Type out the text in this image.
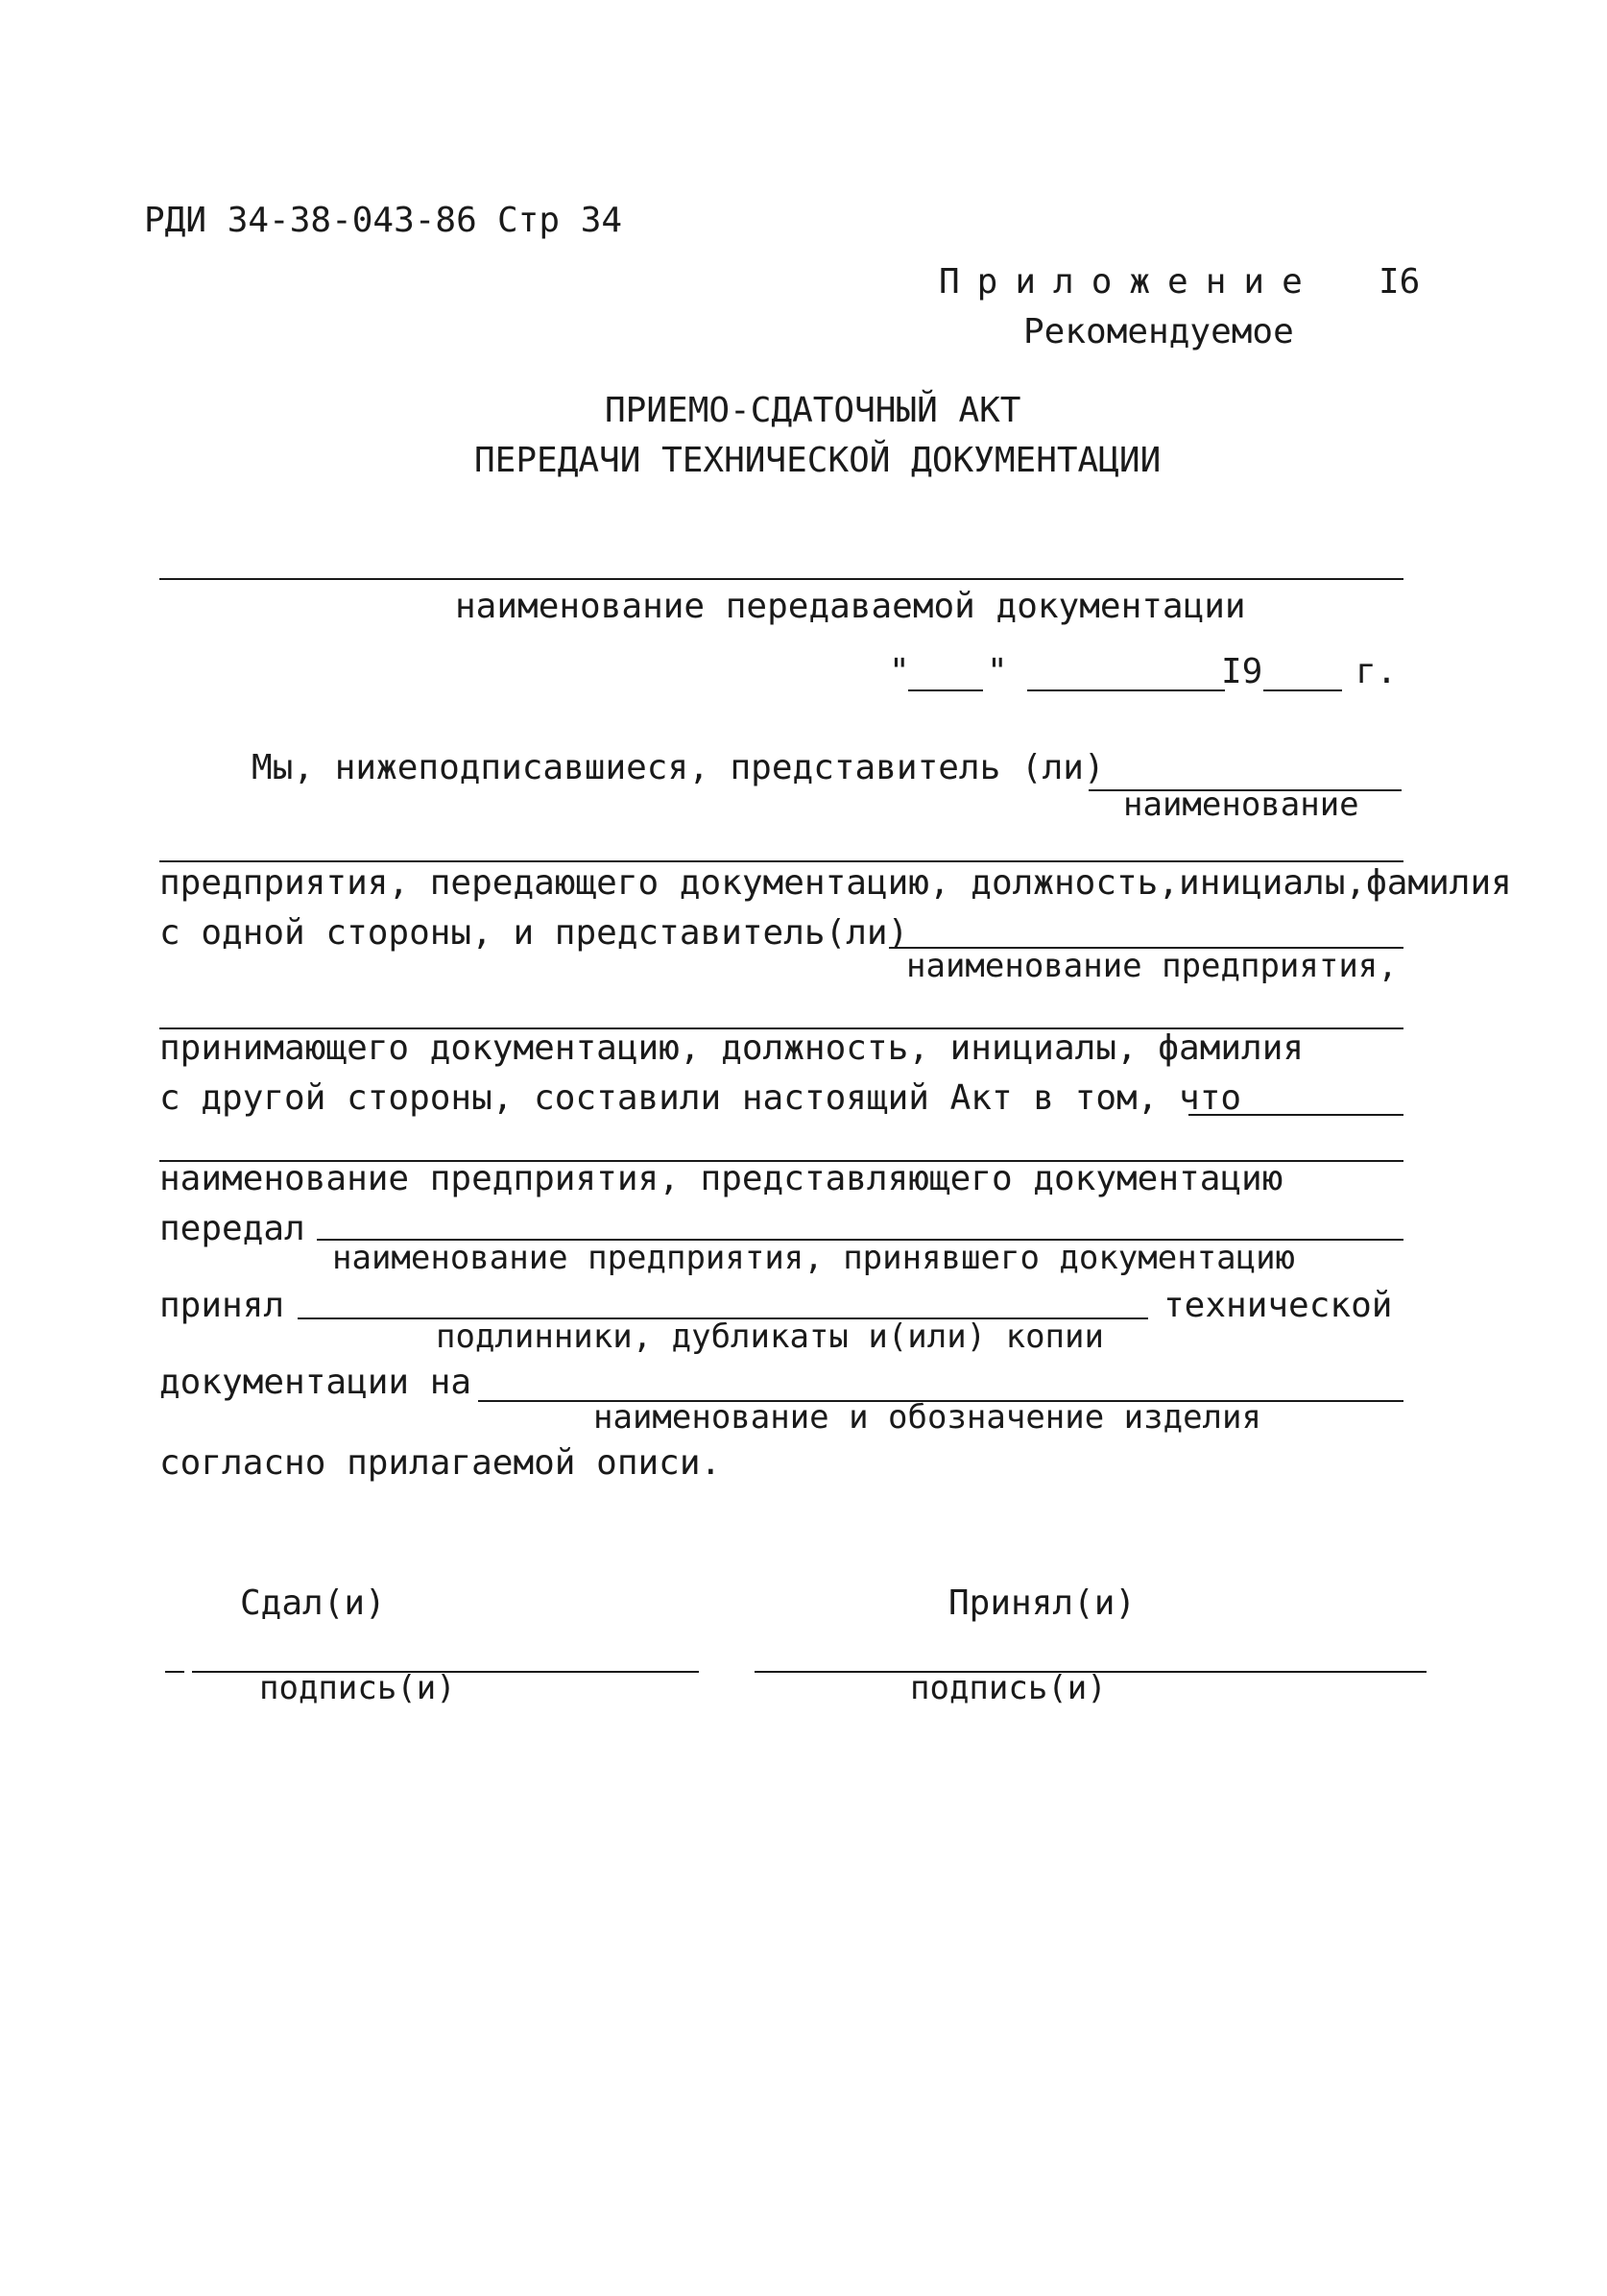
РДИ 34-38-043-86 Стр 34
Приложение I6
Рекомендуемое
ПРИЕМО-СДАТОЧНЫЙ АКТ
ПЕРЕДАЧИ ТЕХНИЧЕСКОЙ ДОКУМЕНТАЦИИ
наименование передаваемой документации
" "	I9	г.
Мы, нижеподписавшиеся, представитель (ли)
наименование
предприятия, передающего документацию, должность,инициалы,фамилия
с одной стороны, и представитель(ли)
наименование предприятия,
принимающего документацию, должность, инициалы, фамилия
с другой стороны, составили настоящий Акт в том, что
наименование предприятия, представляющего документацию
передал
наименование предприятия, принявшего документацию
принял	технической
подлинники, дубликаты и(или) копии
документации на
наименование и обозначение изделия
согласно прилагаемой описи.
Сдал(и)	Принял(и)
подпись(и)	подпись(и)
